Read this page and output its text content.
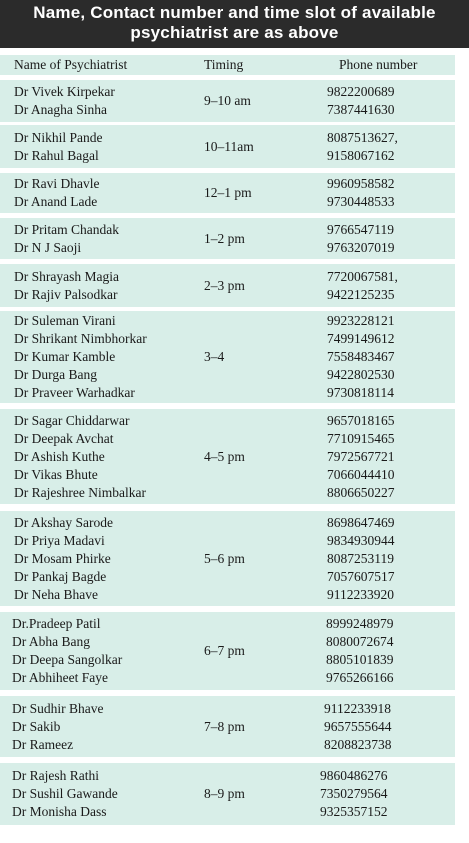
Name, Contact number and time slot of available
psychiatrist are as above
Name of Psychiatrist	Timing	Phone number
Dr Vivek Kirpekar
Dr Anagha Sinha
9–10 am
9822200689
7387441630
Dr Nikhil Pande
Dr Rahul Bagal
10–11am
8087513627,
9158067162
Dr Ravi Dhavle
Dr Anand Lade
12–1 pm
9960958582
9730448533
Dr Pritam Chandak
Dr N J Saoji
1–2 pm
9766547119
9763207019
Dr Shrayash Magia
Dr Rajiv Palsodkar
2–3 pm
7720067581,
9422125235
Dr Suleman Virani
Dr Shrikant Nimbhorkar
Dr Kumar Kamble
Dr Durga Bang
Dr Praveer Warhadkar
3–4
9923228121
7499149612
7558483467
9422802530
9730818114
Dr Sagar Chiddarwar
Dr Deepak Avchat
Dr Ashish Kuthe
Dr Vikas Bhute
Dr Rajeshree Nimbalkar
4–5 pm
9657018165
7710915465
7972567721
7066044410
8806650227
Dr Akshay Sarode
Dr Priya Madavi
Dr Mosam Phirke
Dr Pankaj Bagde
Dr Neha Bhave
5–6 pm
8698647469
9834930944
8087253119
7057607517
9112233920
Dr.Pradeep Patil
Dr Abha Bang
Dr Deepa Sangolkar
Dr Abhiheet Faye
6–7 pm
8999248979
8080072674
8805101839
9765266166
Dr Sudhir Bhave
Dr Sakib
Dr Rameez
7–8 pm
9112233918
9657555644
8208823738
Dr Rajesh Rathi
Dr Sushil Gawande
Dr Monisha Dass
8–9 pm
9860486276
7350279564
9325357152
